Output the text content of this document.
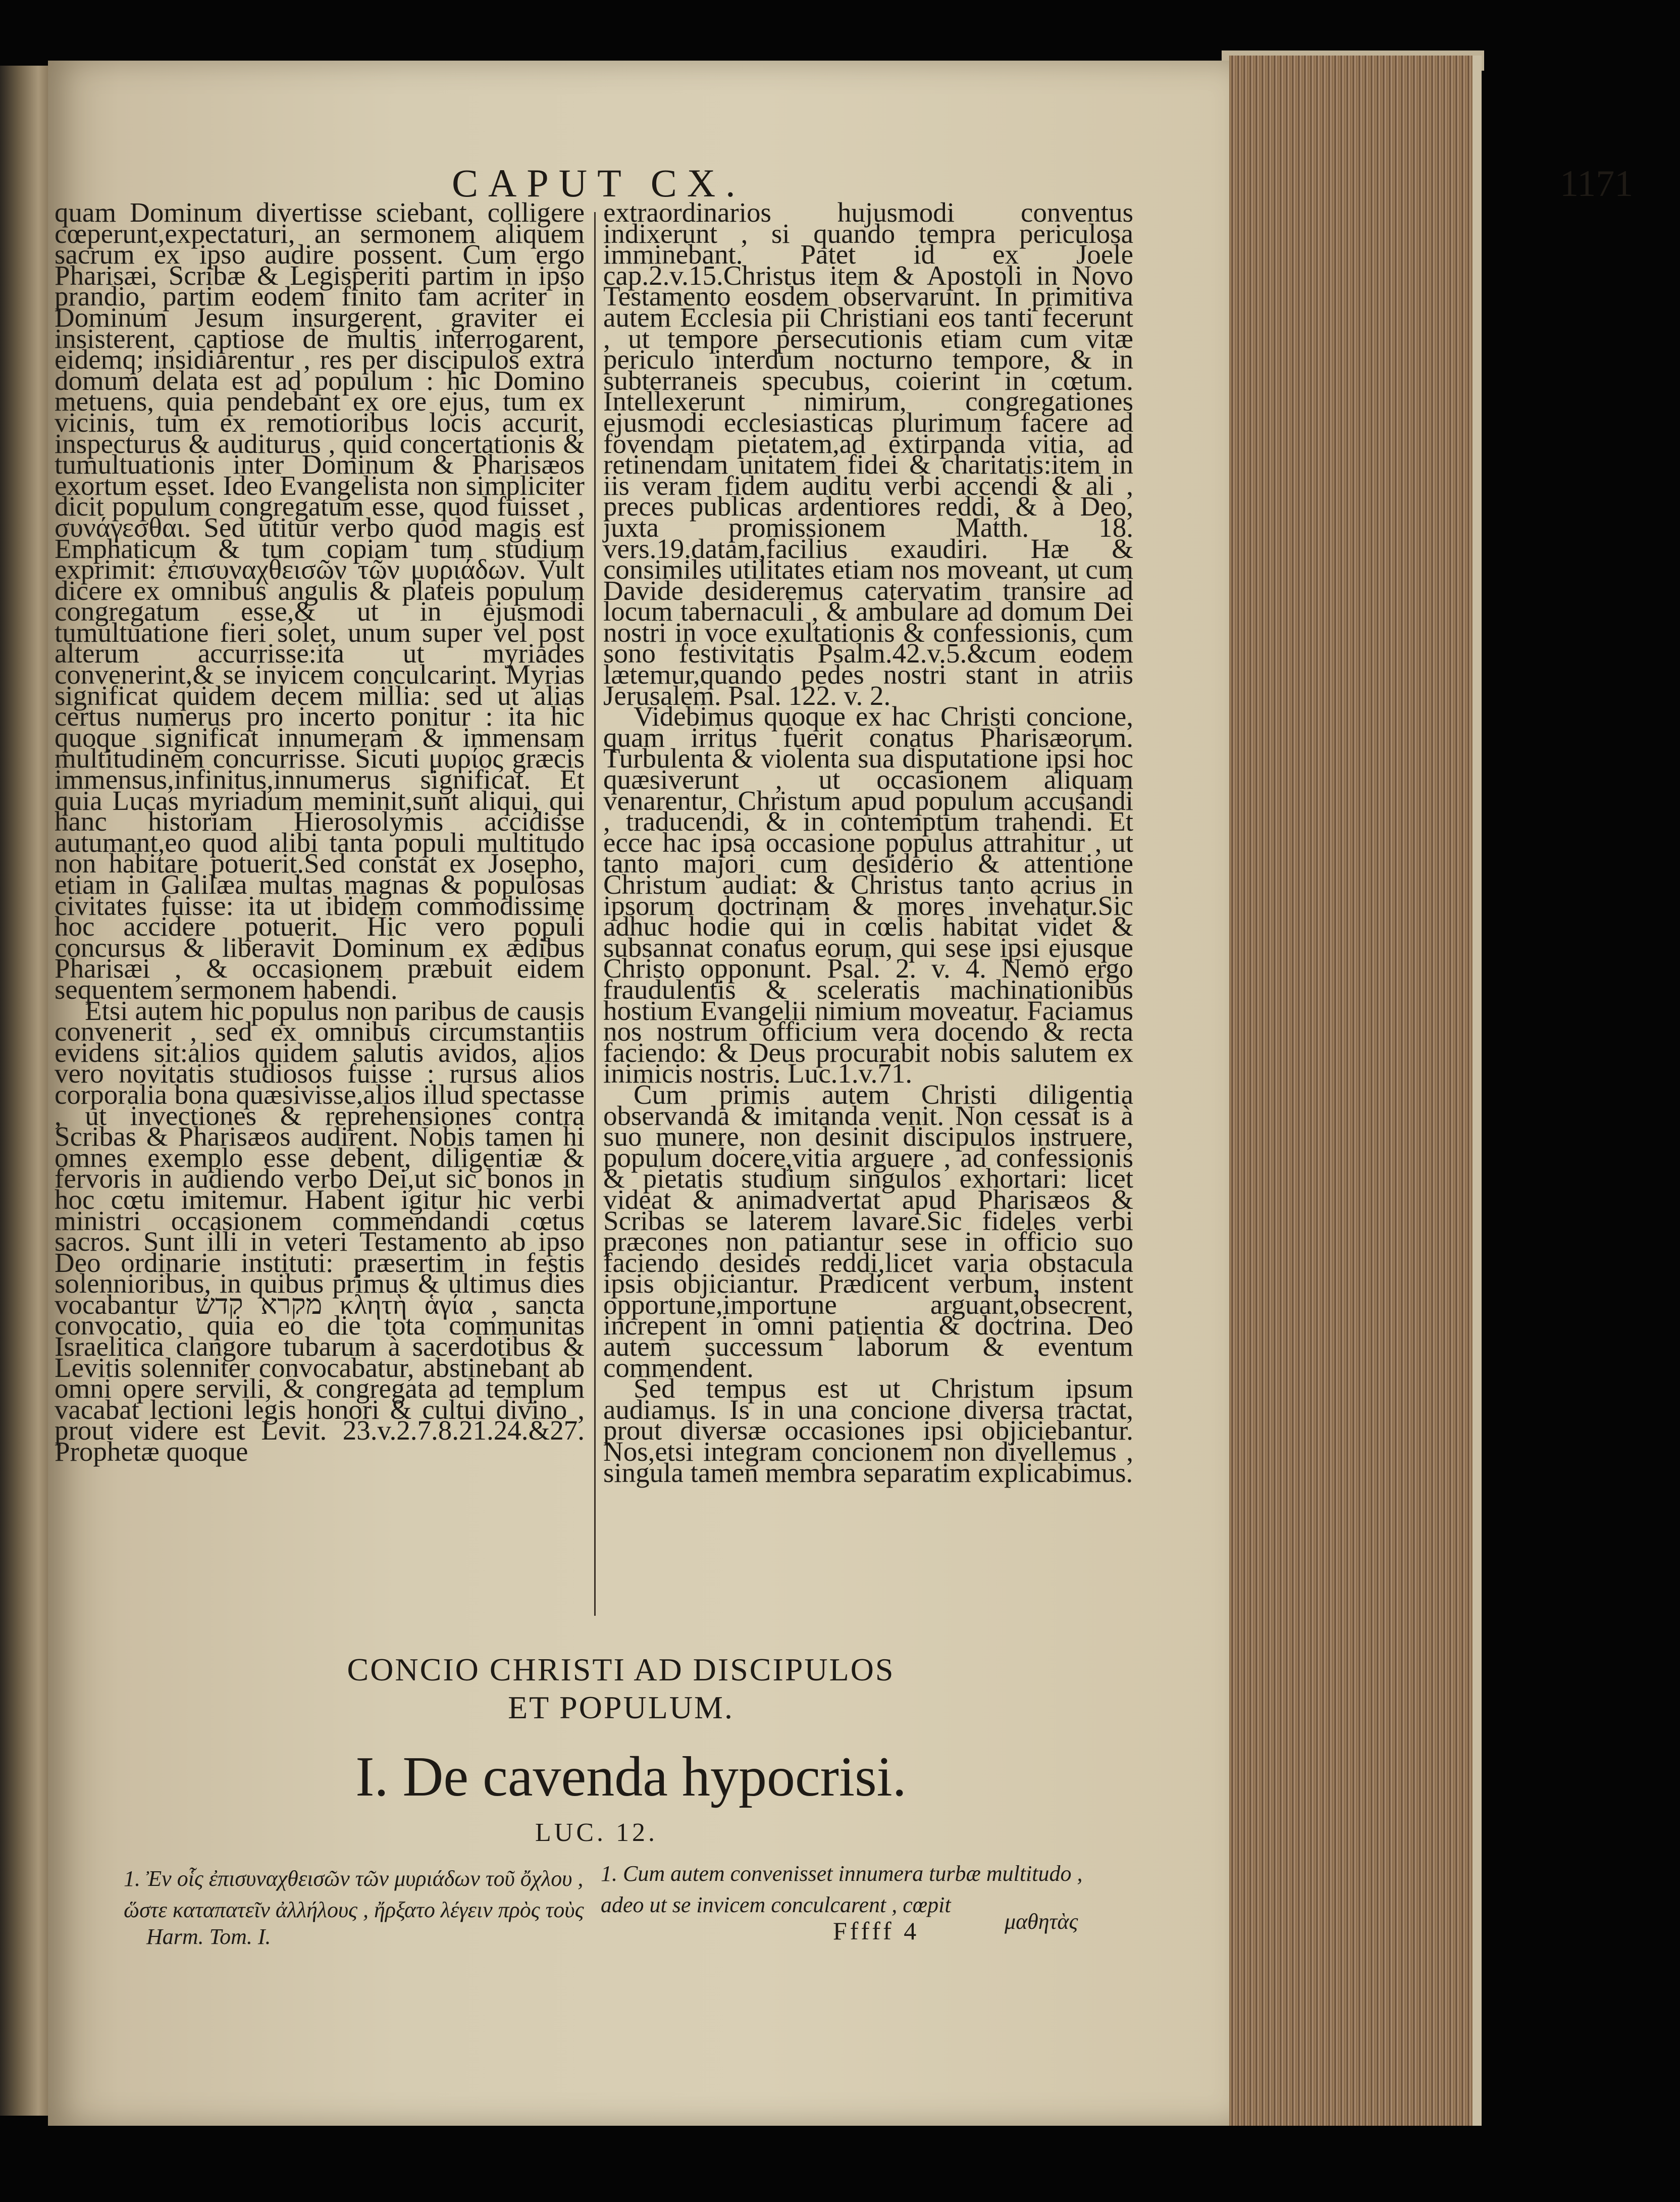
CAPUT CX.	1171

quam Dominum divertisse sciebant, colligere cœperunt,expectaturi, an sermonem aliquem sacrum ex ipso audire possent. Cum ergo Pharisæi, Scribæ & Legisperiti partim in ipso prandio, partim eodem finito tam acriter in Dominum Jesum insurgerent, graviter ei insisterent, captiose de multis interrogarent, eidemq; insidiarentur , res per discipulos extra domum delata est ad populum : hic Domino metuens, quia pendebant ex ore ejus, tum ex vicinis, tum ex remotioribus locis accurit, inspecturus & auditurus , quid concertationis & tumultuationis inter Dominum & Pharisæos exortum esset. Ideo Evangelista non simpliciter dicit populum congregatum esse, quod fuisset , συνάγεσθαι. Sed utitur verbo quod magis est Emphaticum & tum copiam tum studium exprimit: ἐπισυναχθεισῶν τῶν μυριάδων. Vult dicere ex omnibus angulis & plateis populum congregatum esse,& ut in ejusmodi tumultuatione fieri solet, unum super vel post alterum accurrisse:ita ut myriades convenerint,& se invicem conculcarint. Myrias significat quidem decem millia: sed ut alias certus numerus pro incerto ponitur : ita hic quoque significat innumeram & immensam multitudinem concurrisse. Sicuti μυρίος græcis immensus,infinitus,innumerus significat. Et quia Lucas myriadum meminit,sunt aliqui, qui hanc historiam Hierosolymis accidisse autumant,eo quod alibi tanta populi multitudo non habitare potuerit.Sed constat ex Josepho, etiam in Galilæa multas magnas & populosas civitates fuisse: ita ut ibidem commodissime hoc accidere potuerit. Hic vero populi concursus & liberavit Dominum ex ædibus Pharisæi , & occasionem præbuit eidem sequentem sermonem habendi.

Etsi autem hic populus non paribus de causis convenerit , sed ex omnibus circumstantiis evidens sit:alios quidem salutis avidos, alios vero novitatis studiosos fuisse : rursus alios corporalia bona quæsivisse,alios illud spectasse , ut invectiones & reprehensiones contra Scribas & Pharisæos audirent. Nobis tamen hi omnes exemplo esse debent, diligentiæ & fervoris in audiendo verbo Dei,ut sic bonos in hoc cœtu imitemur. Habent igitur hic verbi ministri occasionem commendandi cœtus sacros. Sunt illi in veteri Testamento ab ipso Deo ordinarie instituti: præsertim in festis solennioribus, in quibus primus & ultimus dies vocabantur מקרא קדש κλητὴ ἁγία , sancta convocatio, quia eo die tota communitas Israelitica clangore tubarum à sacerdotibus & Levitis solenniter convocabatur, abstinebant ab omni opere servili, & congregata ad templum vacabat lectioni legis honori & cultui divino , prout videre est Levit. 23.v.2.7.8.21.24.&27. Prophetæ quoque

extraordinarios hujusmodi conventus indixerunt , si quando tempra periculosa imminebant. Patet id ex Joele cap.2.v.15.Christus item & Apostoli in Novo Testamento eosdem observarunt. In primitiva autem Ecclesia pii Christiani eos tanti fecerunt , ut tempore persecutionis etiam cum vitæ periculo interdum nocturno tempore, & in subterraneis specubus, coierint in cœtum. Intellexerunt nimirum, congregationes ejusmodi ecclesiasticas plurimum facere ad fovendam pietatem,ad extirpanda vitia, ad retinendam unitatem fidei & charitatis:item in iis veram fidem auditu verbi accendi & ali , preces publicas ardentiores reddi, & à Deo, juxta promissionem Matth. 18. vers.19.datam,facilius exaudiri. Hæ & consimiles utilitates etiam nos moveant, ut cum Davide desideremus catervatim transire ad locum tabernaculi , & ambulare ad domum Dei nostri in voce exultationis & confessionis, cum sono festivitatis Psalm.42.v.5.&cum eodem lætemur,quando pedes nostri stant in atriis Jerusalem. Psal. 122. v. 2.

Videbimus quoque ex hac Christi concione, quam irritus fuerit conatus Pharisæorum. Turbulenta & violenta sua disputatione ipsi hoc quæsiverunt , ut occasionem aliquam venarentur, Christum apud populum accusandi , traducendi, & in contemptum trahendi. Et ecce hac ipsa occasione populus attrahitur , ut tanto majori cum desiderio & attentione Christum audiat: & Christus tanto acrius in ipsorum doctrinam & mores invehatur.Sic adhuc hodie qui in cœlis habitat videt & subsannat conatus eorum, qui sese ipsi ejusque Christo opponunt. Psal. 2. v. 4. Nemo ergo fraudulentis & sceleratis machinationibus hostium Evangelii nimium moveatur. Faciamus nos nostrum officium vera docendo & recta faciendo: & Deus procurabit nobis salutem ex inimicis nostris. Luc.1.v.71.

Cum primis autem Christi diligentia observanda & imitanda venit. Non cessat is à suo munere, non desinit discipulos instruere, populum docere,vitia arguere , ad confessionis & pietatis studium singulos exhortari: licet videat & animadvertat apud Pharisæos & Scribas se laterem lavare.Sic fideles verbi præcones non patiantur sese in officio suo faciendo desides reddi,licet varia obstacula ipsis objiciantur. Prædicent verbum, instent opportune,importune arguant,obsecrent, increpent in omni patientia & doctrina. Deo autem successum laborum & eventum commendent.

Sed tempus est ut Christum ipsum audiamus. Is in una concione diversa tractat, prout diversæ occasiones ipsi objiciebantur. Nos,etsi integram concionem non divellemus , singula tamen membra separatim explicabimus.

CONCIO CHRISTI AD DISCIPULOS
ET POPULUM.
I. De cavenda hypocrisi.
LUC. 12.
1. Ἐν οἷς ἐπισυναχθεισῶν τῶν μυριάδων τοῦ ὄχλου , ὥστε καταπατεῖν ἀλλήλους , ἤρξατο λέγειν πρὸς τοὺς
1. Cum autem convenisset innumera turbæ multitudo , adeo ut se invicem conculcarent , cœpit
Harm. Tom. I.	Fffff 4	μαθητὰς
